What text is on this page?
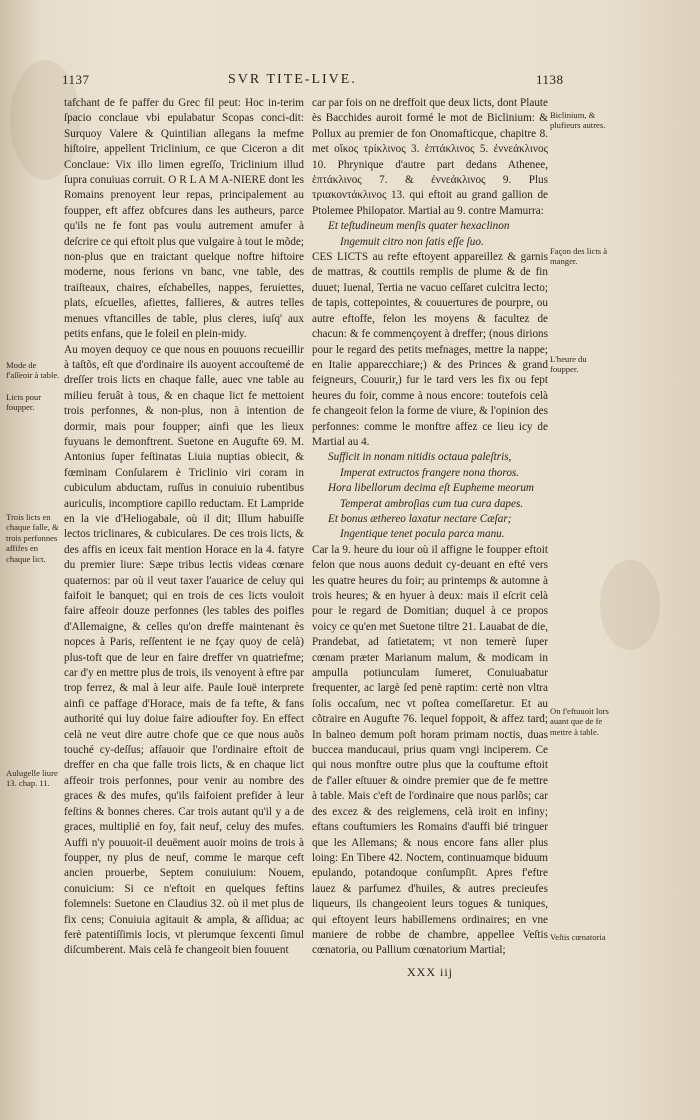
1137	SVR TITE-LIVE.	1138

tafchant de fe paffer du Grec fil peut: Hoc in-terim ſpacio conclaue vbi epulabatur Scopas conci-dit: Surquoy Valere & Quintilian allegans la mefme hiſtoire, appellent Triclinium, ce que Ciceron a dit Conclaue: Vix illo limen egreſſo, Triclinium illud ſupra conuiuas corruit. O R L A M A-NIERE dont les Romains prenoyent leur repas, principalement au foupper, eft affez obfcures dans les autheurs, parce qu'ils ne fe font pas voulu autrement amufer à deſcrire ce qui eftoit plus que vulgaire à tout le mõde; non-plus que en traictant quelque noftre hiftoire moderne, nous ferions vn banc, vne table, des traiſteaux, chaires, eſchabelles, nappes, feruiettes, plats, eſcuelles, afiettes, fallieres, & autres telles menues vftancilles de table, plus cleres, iuſq' aux petits enfans, que le foleil en plein-midy.

Au moyen dequoy ce que nous en pouuons recueillir à taſtõs, eſt que d'ordinaire ils auoyent accouſtemé de dreſſer trois licts en chaque falle, auec vne table au milieu feruât à tous, & en chaque lict fe mettoient trois perfonnes, & non-plus, non à intention de dormir, mais pour foupper; ainfi que les lieux fuyuans le demonftrent. Suetone en Augufte 69. M. Antonius ſuper feſtinatas Liuia nuptias obiecit, & fœminam Conſularem è Triclinio viri coram in cubiculum abductam, ruſſus in conuiuio rubentibus auriculis, incomptiore capillo reductam. Et Lampride en la vie d'Heliogabale, où il dit; Illum habuiſſe lectos triclinares, & cubiculares. De ces trois licts, & des affis en iceux fait mention Horace en la 4. fatyre du premier liure: Sæpe tribus lectis videas cœnare quaternos: par où il veut taxer l'auarice de celuy qui faifoit le banquet; qui en trois de ces licts vouloit faire affeoir douze perfonnes (les tables des poifles d'Allemaigne, & celles qu'on dreffe maintenant ès nopces à Paris, reſſentent ie ne fçay quoy de celà) plus-toft que de leur en faire dreffer vn quatriefme; car d'y en mettre plus de trois, ils venoyent à eftre par trop ferrez, & mal à leur aife. Paule Iouë interprete ainfi ce paffage d'Horace, mais de fa tefte, & fans authorité qui luy doiue faire adioufter foy. En effect celà ne veut dire autre chofe que ce que nous auõs touché cy-deſſus; afſauoir que l'ordinaire eftoit de dreffer en cha que falle trois licts, & en chaque lict affeoir trois perfonnes, pour venir au nombre des graces & des mufes, qu'ils faifoient prefider à leur feſtins & bonnes cheres. Car trois autant qu'il y a de graces, multiplié en foy, fait neuf, celuy des mufes. Auffi n'y pouuoit-il deuëment auoir moins de trois à foupper, ny plus de neuf, comme le marque ceft ancien prouerbe, Septem conuiuium: Nouem, conuicium: Si ce n'eftoit en quelques feftins folemnels: Suetone en Claudius 32. où il met plus de fix cens; Conuiuia agitauit & ampla, & aſſidua; ac ferè patentiſſimis locis, vt plerumque ſexcenti ſimul diſcumberent. Mais celà fe changeoit bien fouuent

car par fois on ne dreffoit que deux licts, dont Plaute ès Bacchides auroit formé le mot de Biclinium: & Pollux au premier de fon Onomafticque, chapitre 8. met οἴκος τρίκλινος 3. ἑπτάκλινος 5. ἐννεάκλινος 10. Phrynique d'autre part dedans Athenee, ἑπτάκλινος 7. & ἐννεάκλινος 9. Plus τριακοντάκλινος 13. qui eftoit au grand gallion de Ptolemee Philopator. Martial au 9. contre Mamurra:

Et teſtudineum menſis quater hexaclinon

Ingemuit citro non ſatis eſſe ſuo.

CES LICTS au refte eftoyent appareillez & garnis de mattras, & couttils remplis de plume & de fin duuet; Iuenal, Tertia ne vacuo ceſſaret culcitra lecto; de tapis, cottepointes, & couuertures de pourpre, ou autre eftoffe, felon les moyens & facultez de chacun: & fe commençoyent à dreffer; (nous dirions pour le regard des petits mefnages, mettre la nappe; en Italie apparecchiare;) & des Princes & grand feigneurs, Couurir,) fur le tard vers les fix ou fept heures du foir, comme à nous encore: toutefois celà fe changeoit felon la forme de viure, & l'opinion des perfonnes: comme le monftre affez ce lieu icy de Martial au 4.

Sufficit in nonam nitidis octaua paleſtris,

Imperat extructos frangere nona thoros.

Hora libellorum decima eſt Eupheme meorum

Temperat ambroſias cum tua cura dapes.

Et bonus æthereo laxatur nectare Cæſar;

Ingentique tenet pocula parca manu.

Car la 9. heure du iour où il affigne le foupper eftoit felon que nous auons deduit cy-deuant en efté vers les quatre heures du foir; au printemps & automne à trois heures; & en hyuer à deux: mais il eſcrit celà pour le regard de Domitian; duquel à ce propos voicy ce qu'en met Suetone tiltre 21. Lauabat de die, Prandebat, ad ſatietatem; vt non temerè ſuper cœnam præter Marianum malum, & modicam in ampulla potiunculam ſumeret, Conuiuabatur frequenter, ac largè ſed penè raptim: certè non vltra ſolis occaſum, nec vt poſtea comeſſaretur. Et au cõtraire en Augufte 76. lequel foppoit, & affez tard; In balneo demum poſt horam primam noctis, duas buccea manducaui, prius quam vngi inciperem. Ce qui nous monftre outre plus que la couftume eftoit de f'aller eſtuuer & oindre premier que de fe mettre à table. Mais c'eft de l'ordinaire que nous parlõs; car des excez & des reiglemens, celà iroit en infiny; eftans couftumiers les Romains d'auffi bié tringuer que les Allemans; & nous encore fans aller plus loing: En Tibere 42. Noctem, continuamque biduum epulando, potandoque conſumpſit. Apres f'eftre lauez & parfumez d'huiles, & autres precieufes liqueurs, ils changeoient leurs togues & tuniques, qui eftoyent leurs habillemens ordinaires; en vne maniere de robbe de chambre, appellee Veſtis cœnatoria, ou Pallium cœnatorium Martial;

XXX iij

Mode de f'aſſeoir à table.
Licts pour foupper.
Trois licts en chaque falle, & trois perfonnes affifes en chaque lict.
Aulugelle liure 13. chap. 11.
Biclinium, & plufieurs autres.
Façon des licts à manger.
L'heure du foupper.
On f'eftuuoit lors auant que de fe mettre à table.
Veſtis cœnatoria
